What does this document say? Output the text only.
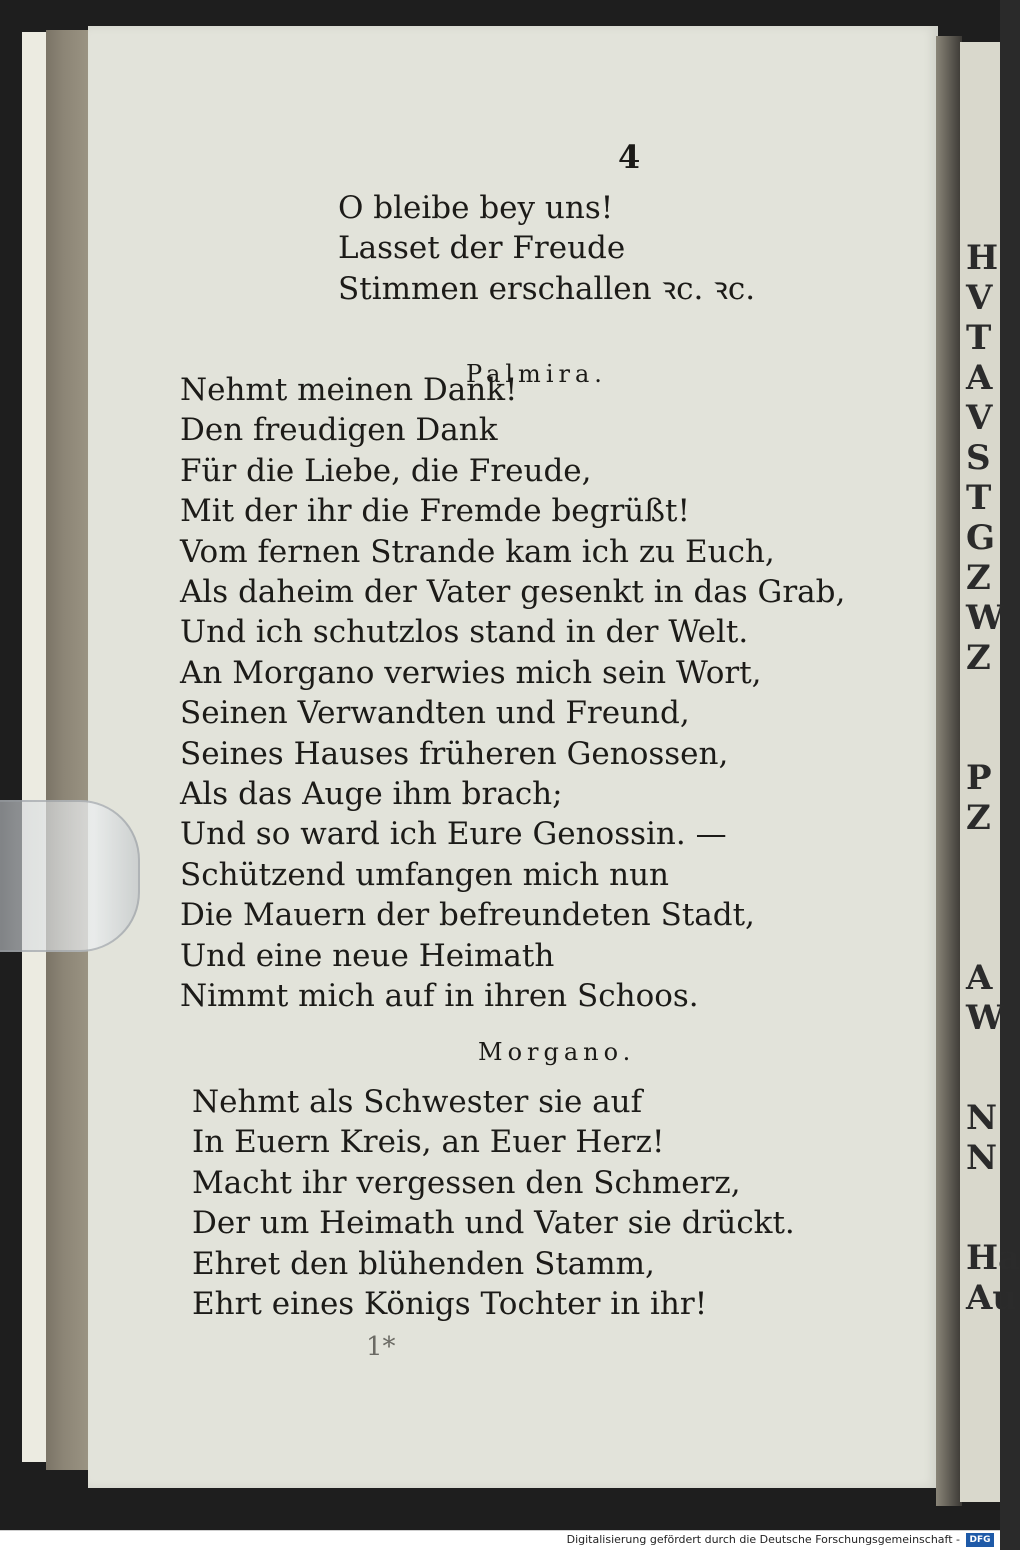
4
O bleibe bey uns!
Lasset der Freude
Stimmen erschallen ꝛc. ꝛc.
Palmira.
Nehmt meinen Dank!
Den freudigen Dank
Für die Liebe, die Freude,
Mit der ihr die Fremde begrüßt!
Vom fernen Strande kam ich zu Euch,
Als daheim der Vater gesenkt in das Grab,
Und ich schutzlos stand in der Welt.
An Morgano verwies mich sein Wort,
Seinen Verwandten und Freund,
Seines Hauses früheren Genossen,
Als das Auge ihm brach;
Und so ward ich Eure Genossin. —
Schützend umfangen mich nun
Die Mauern der befreundeten Stadt,
Und eine neue Heimath
Nimmt mich auf in ihren Schoos.
Morgano.
Nehmt als Schwester sie auf
In Euern Kreis, an Euer Herz!
Macht ihr vergessen den Schmerz,
Der um Heimath und Vater sie drückt.
Ehret den blühenden Stamm,
Ehrt eines Königs Tochter in ihr!
1*
H
V
T
A
V
S
T
G
Z
W
Z
P
Z
A
W
N
N
Ha
Au
Digitalisierung gefördert durch die Deutsche Forschungsgemeinschaft -	DFG
